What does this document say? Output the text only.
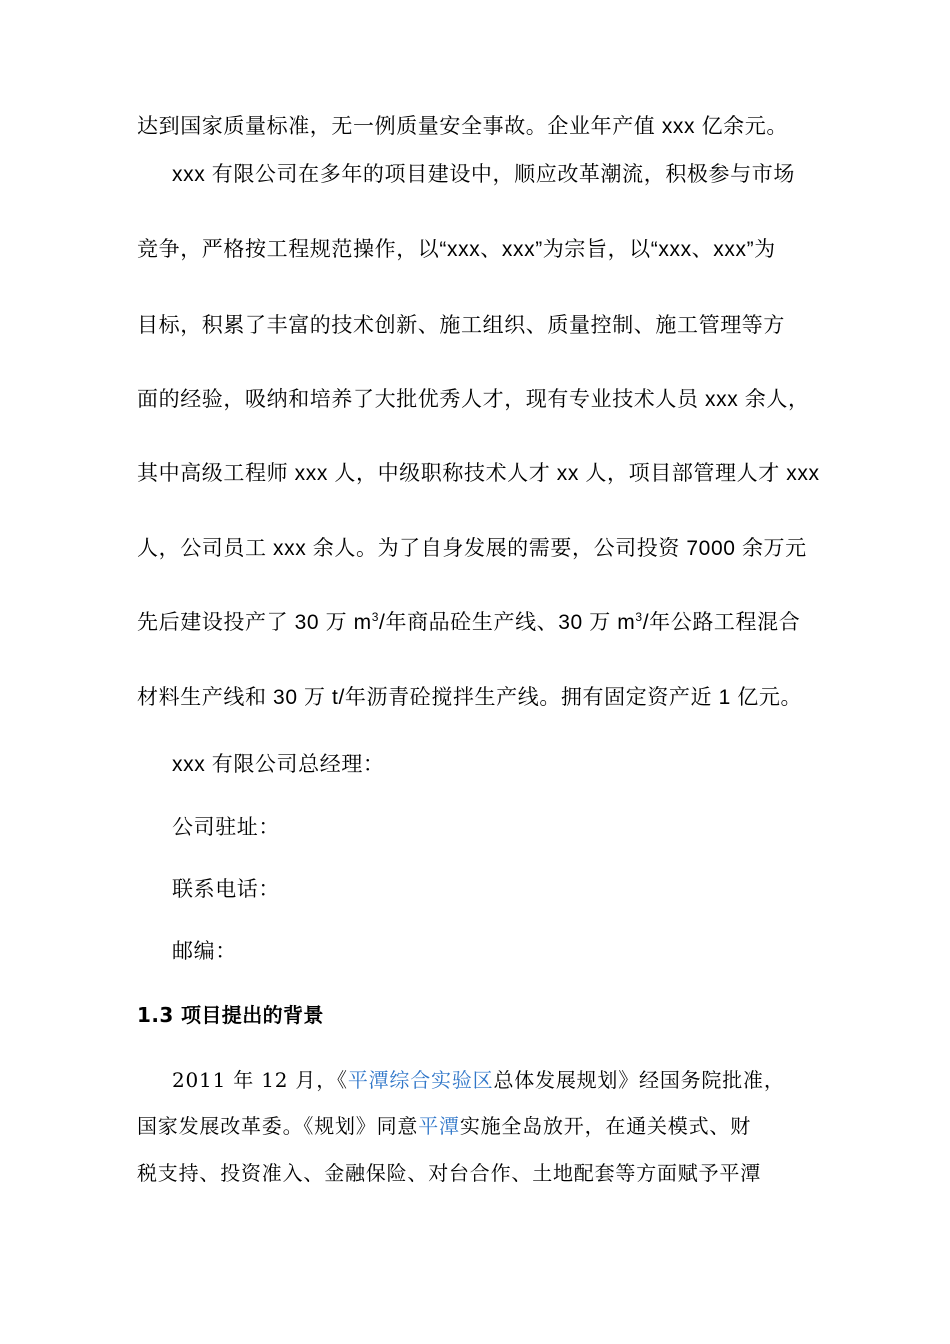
达到国家质量标准，无一例质量安全事故。企业年产值 xxx 亿余元。
xxx 有限公司在多年的项目建设中，顺应改革潮流，积极参与市场
竞争，严格按工程规范操作，以“xxx、xxx”为宗旨，以“xxx、xxx”为
目标，积累了丰富的技术创新、施工组织、质量控制、施工管理等方
面的经验，吸纳和培养了大批优秀人才，现有专业技术人员 xxx 余人，
其中高级工程师 xxx 人，中级职称技术人才 xx 人，项目部管理人才 xxx
人，公司员工 xxx 余人。为了自身发展的需要，公司投资 7000 余万元
先后建设投产了 30 万 $m^3/$年商品砼生产线、30 万 $m^3/$年公路工程混合
材料生产线和 30 万 t/年沥青砼搅拌生产线。拥有固定资产近 1 亿元。
xxx 有限公司总经理：
公司驻址：
联系电话：
邮编：
1.3 项目提出的背景
2011 年 12 月，《平潭综合实验区总体发展规划》经国务院批准，
国家发展改革委。《规划》同意平潭实施全岛放开，在通关模式、财
税支持、投资准入、金融保险、对台合作、土地配套等方面赋予平潭
